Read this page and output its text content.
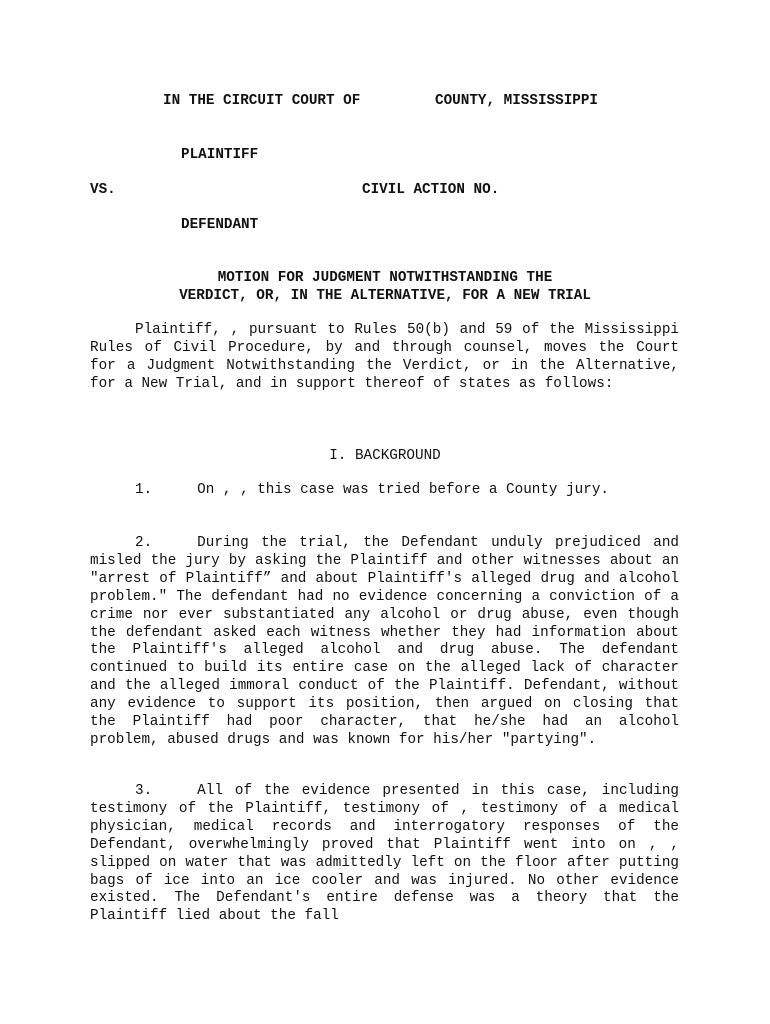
IN THE CIRCUIT COURT OF	COUNTY, MISSISSIPPI
PLAINTIFF
VS.	CIVIL ACTION NO.
DEFENDANT
MOTION FOR JUDGMENT NOTWITHSTANDING THE
VERDICT, OR, IN THE ALTERNATIVE, FOR A NEW TRIAL
Plaintiff, , pursuant to Rules 50(b) and 59 of the Mississippi Rules of Civil Procedure, by and through counsel, moves the Court for a Judgment Notwithstanding the Verdict, or in the Alternative, for a New Trial, and in support thereof of states as follows:
I. BACKGROUND
1.	On , , this case was tried before a County jury.
2.	During the trial, the Defendant unduly prejudiced and misled the jury by asking the Plaintiff and other witnesses about an "arrest of Plaintiff” and about Plaintiff's alleged drug and alcohol problem." The defendant had no evidence concerning a conviction of a crime nor ever substantiated any alcohol or drug abuse, even though the defendant asked each witness whether they had information about the Plaintiff's alleged alcohol and drug abuse. The defendant continued to build its entire case on the alleged lack of character and the alleged immoral conduct of the Plaintiff. Defendant, without any evidence to support its position, then argued on closing that the Plaintiff had poor character, that he/she had an alcohol problem, abused drugs and was known for his/her "partying".
3.	All of the evidence presented in this case, including testimony of the Plaintiff, testimony of , testimony of a medical physician, medical records and interrogatory responses of the Defendant, overwhelmingly proved that Plaintiff went into on , , slipped on water that was admittedly left on the floor after putting bags of ice into an ice cooler and was injured. No other evidence existed. The Defendant's entire defense was a theory that the Plaintiff lied about the fall
